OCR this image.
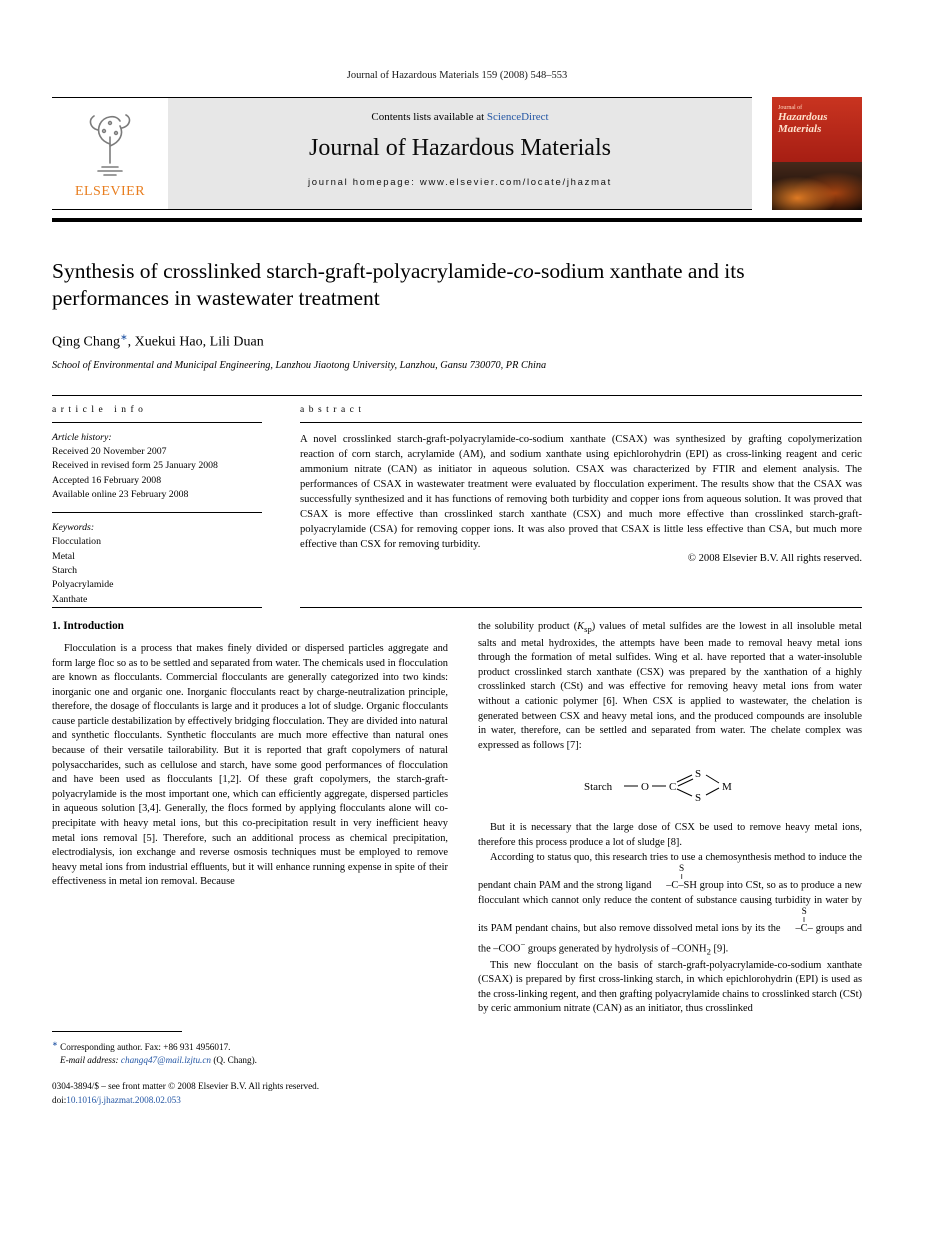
Journal of Hazardous Materials 159 (2008) 548–553
ELSEVIER
Contents lists available at ScienceDirect
Journal of Hazardous Materials
journal homepage: www.elsevier.com/locate/jhazmat
Journal of
Hazardous
Materials
Synthesis of crosslinked starch-graft-polyacrylamide-co-sodium xanthate and its performances in wastewater treatment
Qing Chang∗, Xuekui Hao, Lili Duan
School of Environmental and Municipal Engineering, Lanzhou Jiaotong University, Lanzhou, Gansu 730070, PR China
article info
Article history:
Received 20 November 2007
Received in revised form 25 January 2008
Accepted 16 February 2008
Available online 23 February 2008
Keywords:
Flocculation
Metal
Starch
Polyacrylamide
Xanthate
abstract
A novel crosslinked starch-graft-polyacrylamide-co-sodium xanthate (CSAX) was synthesized by grafting copolymerization reaction of corn starch, acrylamide (AM), and sodium xanthate using epichlorohydrin (EPI) as cross-linking reagent and ceric ammonium nitrate (CAN) as initiator in aqueous solution. CSAX was characterized by FTIR and element analysis. The performances of CSAX in wastewater treatment were evaluated by flocculation experiment. The results show that the CSAX was successfully synthesized and it has functions of removing both turbidity and copper ions from aqueous solution. It was proved that CSAX is more effective than crosslinked starch xanthate (CSX) and much more effective than crosslinked starch-graft-polyacrylamide (CSA) for removing copper ions. It was also proved that CSAX is little less effective than CSA, but much more effective than CSX for removing turbidity.
© 2008 Elsevier B.V. All rights reserved.
1. Introduction
Flocculation is a process that makes finely divided or dispersed particles aggregate and form large floc so as to be settled and separated from water. The chemicals used in flocculation are known as flocculants. Commercial flocculants are generally categorized into two kinds: inorganic one and organic one. Inorganic flocculants react by charge-neutralization principle, therefore, the dosage of flocculants is large and it produces a lot of sludge. Organic flocculants cause particle destabilization by effectively bridging flocculation. They are divided into natural and synthetic flocculants. Synthetic flocculants are much more effective than natural ones because of their versatile tailorability. But it is reported that graft copolymers of natural polysaccharides, such as cellulose and starch, have some good performances of flocculation and have been used as flocculants [1,2]. Of these graft copolymers, the starch-graft-polyacrylamide is the most important one, which can efficiently aggregate, dispersed particles in aqueous solution [3,4]. Generally, the flocs formed by applying flocculants alone will co-precipitate with heavy metal ions, but this co-precipitation result in very inefficient heavy metal ions removal [5]. Therefore, such an additional process as chemical precipitation, electrodialysis, ion exchange and reverse osmosis techniques must be employed to remove heavy metal ions from industrial effluents, but it will enhance running expense in spite of their effectiveness in metal ion removal. Because
the solubility product $(K_{sp})$ values of metal sulfides are the lowest in all insoluble metal salts and metal hydroxides, the attempts have been made to removal heavy metal ions through the formation of metal sulfides. Wing et al. have reported that a water-insoluble product crosslinked starch xanthate (CSX) was prepared by the xanthation of a highly crosslinked starch (CSt) and was effective for removing heavy metal ions from water without a cationic polymer [6]. When CSX is applied to wastewater, the chelation is generated between CSX and heavy metal ions, and the produced compounds are insoluble in water, therefore, can be settled and separated from water. The chelate complex was expressed as follows [7]:
Starch	O C
S
S
M
But it is necessary that the large dose of CSX be used to remove heavy metal ions, therefore this process produce a lot of sludge [8].
According to status quo, this research tries to use a chemosynthesis method to induce the pendant chain PAM and the strong ligand
S
‖
–C–SH group into CSt, so as to produce a new flocculant which cannot only reduce the content of substance causing turbidity in water by its PAM pendant chains, but also remove dissolved metal ions by its the
S
‖
–C– groups and the –COO− groups generated by hydrolysis of $-CONH_2$ [9].
This new flocculant on the basis of starch-graft-polyacrylamide-co-sodium xanthate (CSAX) is prepared by first cross-linking starch, in which epichlorohydrin (EPI) is used as the cross-linking regent, and then grafting polyacrylamide chains to crosslinked starch (CSt) by ceric ammonium nitrate (CAN) as an initiator, thus crosslinked
∗ Corresponding author. Fax: +86 931 4956017.
E-mail address: changq47@mail.lzjtu.cn (Q. Chang).
0304-3894/$ – see front matter © 2008 Elsevier B.V. All rights reserved.
doi:10.1016/j.jhazmat.2008.02.053
